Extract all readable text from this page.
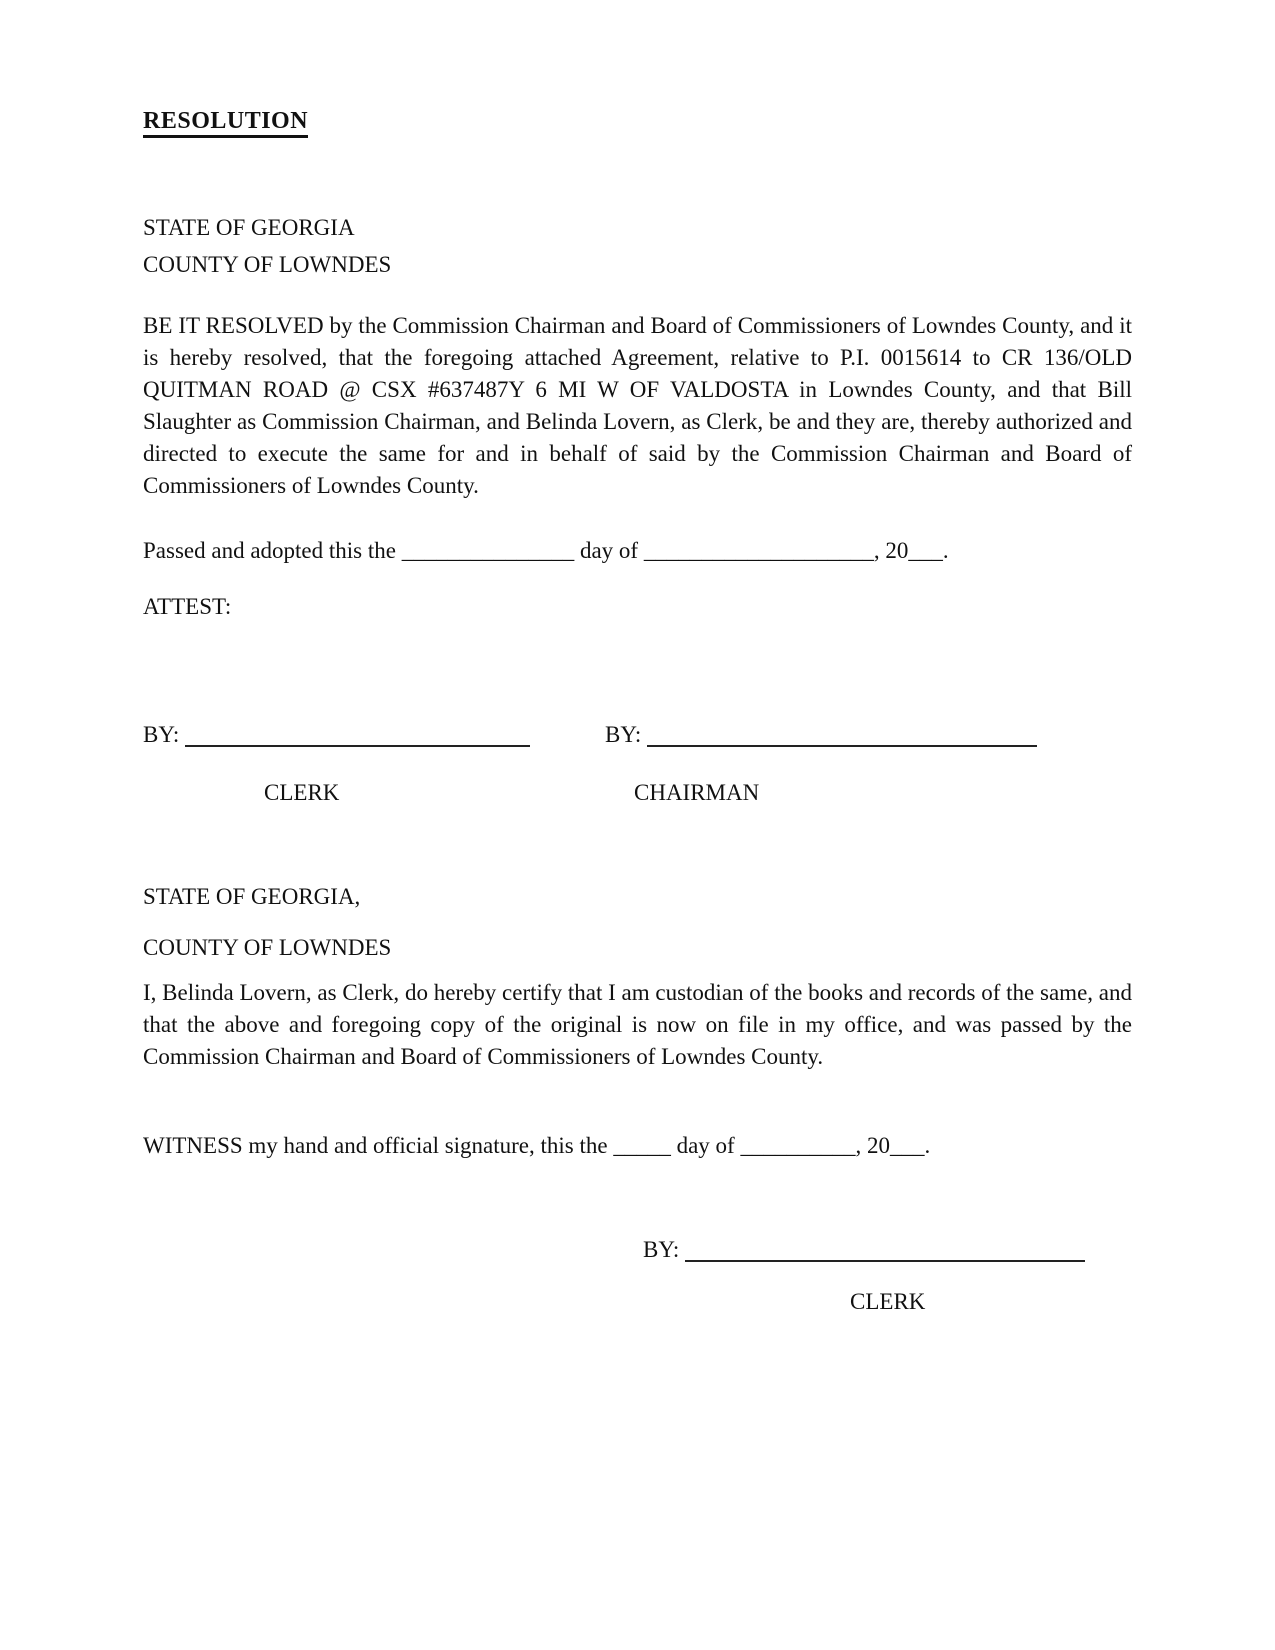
RESOLUTION
STATE OF GEORGIA
COUNTY OF LOWNDES

BE IT RESOLVED by the Commission Chairman and Board of Commissioners of Lowndes County, and it is hereby resolved, that the foregoing attached Agreement, relative to P.I. 0015614 to CR 136/OLD QUITMAN ROAD @ CSX #637487Y 6 MI W OF VALDOSTA in Lowndes County, and that Bill Slaughter as Commission Chairman, and Belinda Lovern, as Clerk, be and they are, thereby authorized and directed to execute the same for and in behalf of said by the Commission Chairman and Board of Commissioners of Lowndes County.

Passed and adopted this the _______________ day of ____________________, 20___.

ATTEST:

BY:	BY:
CLERK	CHAIRMAN

STATE OF GEORGIA,

COUNTY OF LOWNDES

I, Belinda Lovern, as Clerk, do hereby certify that I am custodian of the books and records of the same, and that the above and foregoing copy of the original is now on file in my office, and was passed by the Commission Chairman and Board of Commissioners of Lowndes County.

WITNESS my hand and official signature, this the _____ day of __________, 20___.

BY:

CLERK
